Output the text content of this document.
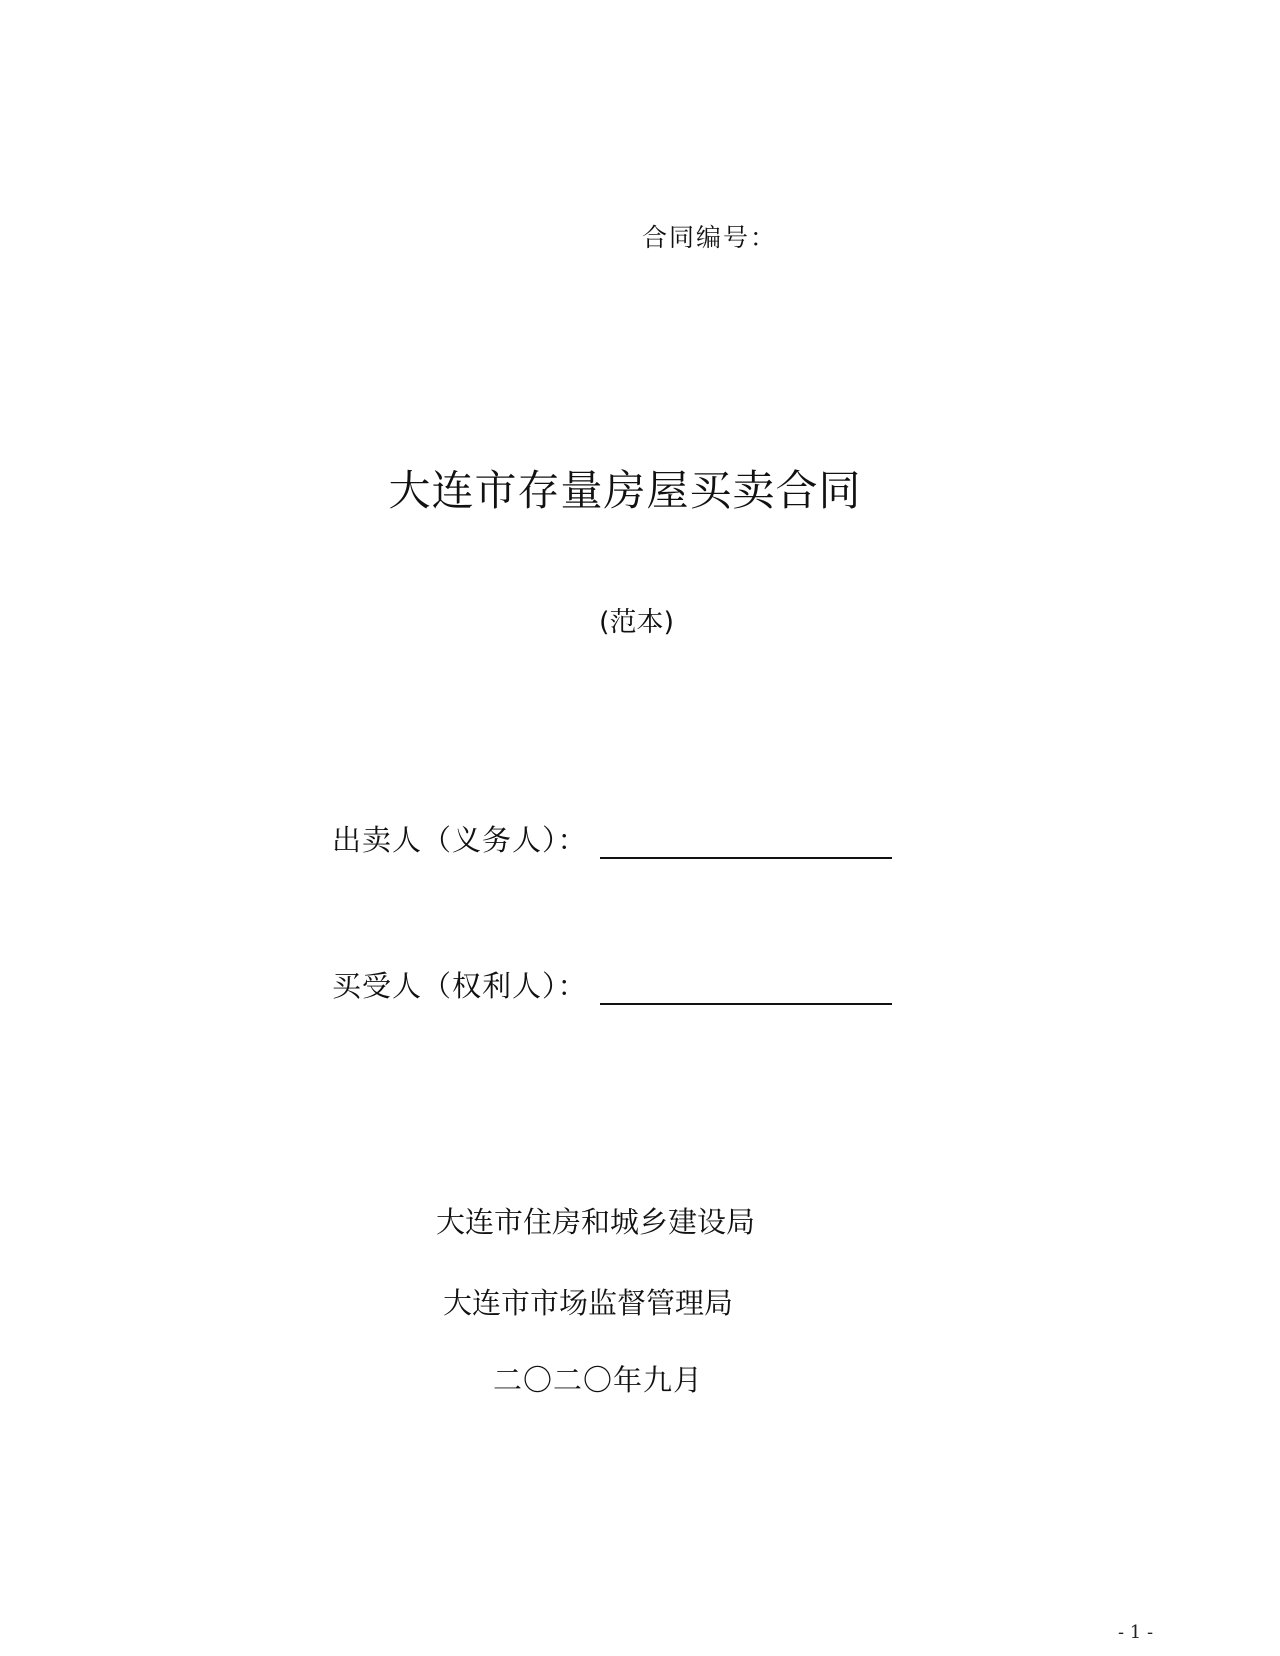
合同编号：
大连市存量房屋买卖合同
(范本)
出卖人（义务人）：
买受人（权利人）：
大连市住房和城乡建设局
大连市市场监督管理局
二〇二〇年九月
- 1 -
